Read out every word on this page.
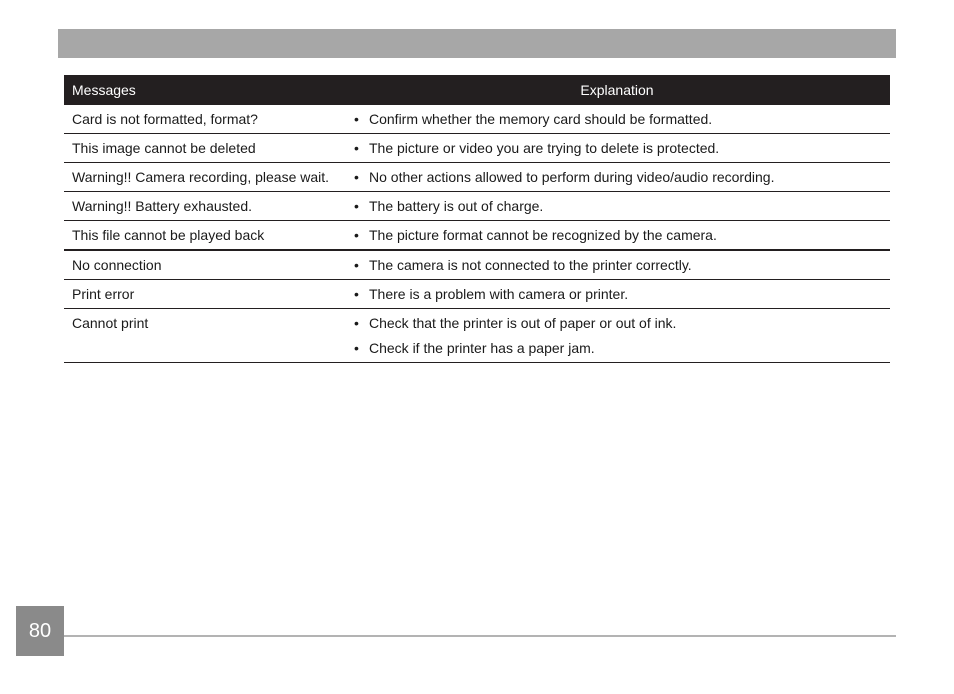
Messages	Explanation
Card is not formatted, format?	• Confirm whether the memory card should be formatted.
This image cannot be deleted	• The picture or video you are trying to delete is protected.
Warning!! Camera recording, please wait.	• No other actions allowed to perform during video/audio recording.
Warning!! Battery exhausted.	• The battery is out of charge.
This file cannot be played back	• The picture format cannot be recognized by the camera.
No connection	• The camera is not connected to the printer correctly.
Print error	• There is a problem with camera or printer.
Cannot print	• Check that the printer is out of paper or out of ink.
• Check if the printer has a paper jam.
80
